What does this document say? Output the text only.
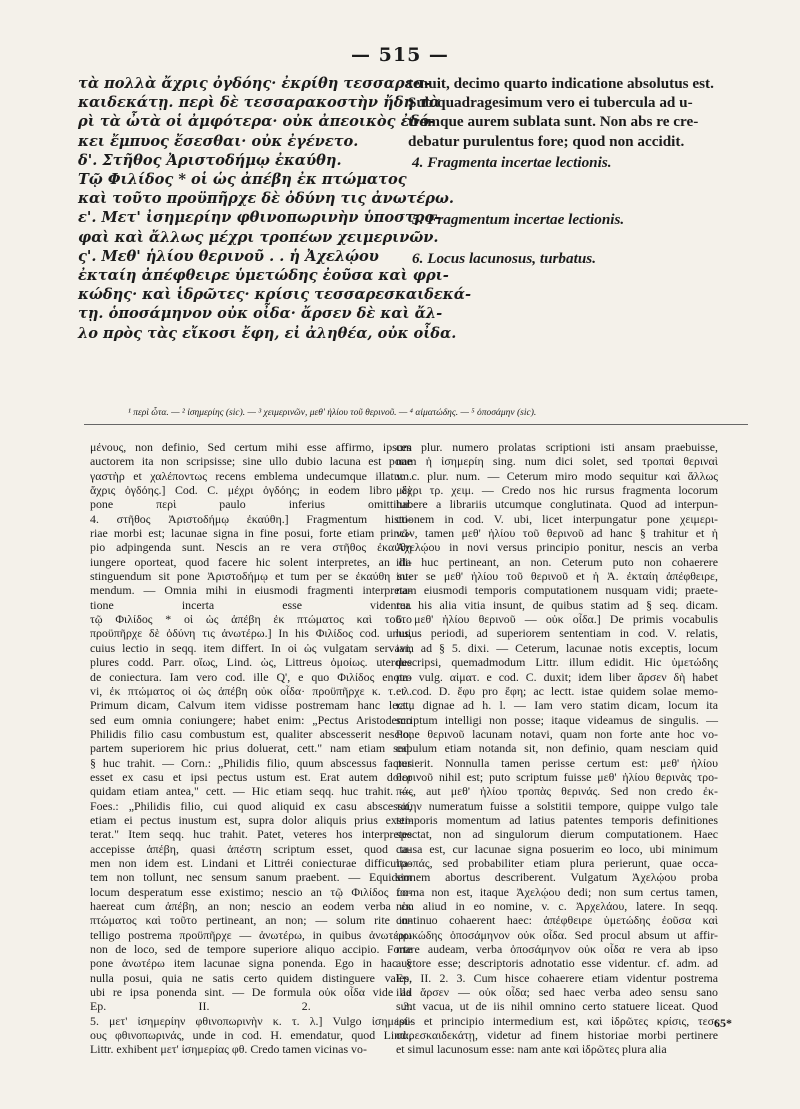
— 515 —
τὰ πολλὰ ἄχρις ὀγδόης· ἐκρίθη τεσσαρεσ-
καιδεκάτῃ. περὶ δὲ τεσσαρακοστὴν ἤδη τὰ
ρὶ τὰ ὦτὰ οἱ ἀμφότερα· οὐκ ἀπεοικὸς ἐδό-
κει ἔμπυος ἔσεσθαι· οὐκ ἐγένετο.
δ'. Στῆθος Ἀριστοδήμῳ ἐκαύθη.
Τῷ Φιλίδος * οἱ ὡς ἀπέβη ἐκ πτώματος
καὶ τοῦτο προϋπῆρχε δὲ ὀδύνη τις ἀνωτέρω.
ε'. Μετ' ἰσημερίην φθινοπωρινὴν ὑποστρο-
φαὶ καὶ ἄλλως μέχρι τροπέων χειμερινῶν.
ς'. Μεθ' ἡλίου θερινοῦ . . ἡ Ἀχελῴου
ἐκταίη ἀπέφθειρε ὑμετώδης ἐοῦσα καὶ φρι-
κώδης· καὶ ἱδρῶτες· κρίσις τεσσαρεσκαιδεκά-
τῃ. ὁποσάμηνον οὐκ οἶδα· ἄρσεν δὲ καὶ ἄλ-
λο πρὸς τὰς εἴκοσι ἔφη, εἰ ἀληθέα, οὐκ οἶδα.
tenuit, decimo quarto indicatione absolutus est.
Sub quadragesimum vero ei tubercula ad u-
tramque aurem sublata sunt. Non abs re cre-
debatur purulentus fore; quod non accidit.
4. Fragmenta incertae lectionis.

5. Fragmentum incertae lectionis.

6. Locus lacunosus, turbatus.
¹ περὶ ὦτα. — ² ἰσημερίης (sic). — ³ χειμερινῶν, μεθ' ἡλίου τοῦ θερινοῦ. — ⁴ αἱματώδης. — ⁵ ὁποσάμην (sic).
μένους, non definio, Sed certum mihi esse affirmo, ipsum
auctorem ita non scripsisse; sine ullo dubio lacuna est pone
γαστὴρ et χαλέποντως recens emblema undecumque illatum.
ἄχρις ὀγδόης.] Cod. C. μέχρι ὀγδόης; in eodem libro δὲ
pone περὶ paulo inferius omittitur.
4. στῆθος Ἀριστοδήμῳ ἐκαύθη.] Fragmentum histo-
riae morbi est; lacunae signa in fine posui, forte etiam princi-
pio adpingenda sunt. Nescis an re vera στῆθος ἐκαύθη
iungere oporteat, quod facere hic solent interpretes, an di-
stinguendum sit pone Ἀριστοδήμῳ et tum per se ἐκαύθη su-
mendum. — Omnia mihi in eiusmodi fragmenti interpreta-
tione incerta esse videntur.
τῷ Φιλίδος * οἱ ὡς ἀπέβη ἐκ πτώματος καὶ τοῦτο
προϋπῆρχε δὲ ὀδύνη τις ἀνωτέρω.] In his Φιλίδος cod. unus,
cuius lectio in seqq. item differt. In οἱ ὡς vulgatam servavi,
plures codd. Parr. οἵως, Lind. ὡς, Littreus ὁμοίως. uterque
de coniectura. Iam vero cod. ille Q', e quo Φιλίδος enota-
vi, ἐκ πτώματος οἱ ὡς ἀπέβη οὐκ οἶδα· προϋπῆρχε κ. τ. λ.
Primum dicam, Calvum item vidisse postremam hanc lect.,
sed eum omnia coniungere; habet enim: „Pectus Aristodemo
Philidis filio casu combustum est, qualiter abscesserit nescio,
partem superiorem hic prius doluerat, cett." nam etiam seq.
§ huc trahit. — Corn.: „Philidis filio, quum abscessus factus
esset ex casu et ipsi pectus ustum est. Erat autem dolor
quidam etiam antea," cett. — Hic etiam seqq. huc trahit. —
Foes.: „Philidis filio, cui quod aliquid ex casu abscessit,
etiam ei pectus inustum est, supra dolor aliquis prius exsti-
terat." Item seqq. huc trahit. Patet, veteres hos interpretes
accepisse ἀπέβη, quasi ἀπέστη scriptum esset, quod ta-
men non idem est. Lindani et Littréi coniecturae difficulta-
tem non tollunt, nec sensum sanum praebent. — Equidem
locum desperatum esse existimo; nescio an τῷ Φιλίδος co-
haereat cum ἀπέβη, an non; nescio an eodem verba ἐκ
πτώματος καὶ τοῦτο pertineant, an non; — solum rite in-
telligo postrema προϋπῆρχε — ἀνωτέρω, in quibus ἀνωτέρω
non de loco, sed de tempore superiore aliquo accipio. Forte
pone ἀνωτέρω item lacunae signa ponenda. Ego in hac §
nulla posui, quia ne satis certo quidem distinguere vales,
ubi re ipsa ponenda sint. — De formula οὐκ οἶδα vide ad
Ep. II. 2. 3.
5. μετ' ἰσημερίην φθινοπωρινὴν κ. τ. λ.] Vulgo ἰσημερί-
ους φθινοπωρινάς, unde in cod. H. emendatur, quod Lind.,
Littr. exhibent μετ' ἰσημερίας φθ. Credo tamen vicinas vo-
ces plur. numero prolatas scriptioni isti ansam praebuisse,
nam ἡ ἰσημερίη sing. num dici solet, sed τροπαὶ θεριναὶ
v. c. plur. num. — Ceterum miro modo sequitur καὶ ἄλλως
μέχρι τρ. χειμ. — Credo nos hic rursus fragmenta locorum
habere a librariis utcumque conglutinata. Quod ad interpun-
ctionem in cod. V. ubi, licet interpungatur pone χειμερι-
νῶν, tamen μεθ' ἡλίου τοῦ θερινοῦ ad hanc § trahitur et ἡ
Ἀχελῴου in novi versus principio ponitur, nescis an verba
illa huc pertineant, an non. Ceterum puto non cohaerere
inter se μεθ' ἡλίου τοῦ θερινοῦ et ἡ Ἀ. ἐκταίη ἀπέφθειρε,
nam eiusmodi temporis computationem nusquam vidi; praete-
rea his alia vitia insunt, de quibus statim ad § seq. dicam.
6. μεθ' ἡλίου θερινοῦ — οὐκ οἶδα.] De primis vocabulis
huius periodi, ad superiorem sententiam in cod. V. relatis,
iam ad § 5. dixi. — Ceterum, lacunae notis exceptis, locum
descripsi, quemadmodum Littr. illum edidit. Hic ὑμετώδης
pro vulg. αἱματ. e cod. C. duxit; idem liber ἄρσεν δὴ habet
et cod. D. ἔφυ pro ἔφη; ac lectt. istae quidem solae memo-
ratu dignae ad h. l. — Iam vero statim dicam, locum ita
scriptum intelligi non posse; itaque videamus de singulis. —
Pone θερινοῦ lacunam notavi, quam non forte ante hoc vo-
cabulum etiam notanda sit, non definio, quam nesciam quid
perierit. Nonnulla tamen perisse certum est: μεθ' ἡλίου
θερινοῦ nihil est; puto scriptum fuisse μεθ' ἡλίου θερινὰς τρο-
πάς, aut μεθ' ἡλίου τροπὰς θερινάς. Sed non credo ἐκ-
ταίην numeratum fuisse a solstitii tempore, quippe vulgo tale
temporis momentum ad latius patentes temporis definitiones
spectat, non ad singulorum dierum computationem. Haec
causa est, cur lacunae signa posuerim eo loco, ubi minimum
τροπάς, sed probabiliter etiam plura perierunt, quae occa-
sionem abortus describerent. Vulgatum Ἀχελῴου proba
forma non est, itaque Ἀχελῴου dedi; non sum certus tamen,
non aliud in eo nomine, v. c. Ἀρχελάου, latere. In seqq.
continuo cohaerent haec: ἀπέφθειρε ὑμετώδης ἐοῦσα καὶ
φρικώδης ὁποσάμηνον οὐκ οἶδα. Sed procul absum ut affir-
mare audeam, verba ὁποσάμηνον οὐκ οἶδα re vera ab ipso
auctore esse; descriptoris adnotatio esse videntur. cf. adm. ad
Ep. II. 2. 3. Cum hisce cohaerere etiam videntur postrema
illa ἄρσεν — οὐκ οἶδα; sed haec verba adeo sensu sano
sunt vacua, ut de iis nihil omnino certo statuere liceat. Quod
istis et principio intermedium est, καὶ ἱδρῶτες κρίσις, τεσ-
σαρεσκαιδεκάτῃ, videtur ad finem historiae morbi pertinere
et simul lacunosum esse: nam ante καὶ ἱδρῶτες plura alia
65*
